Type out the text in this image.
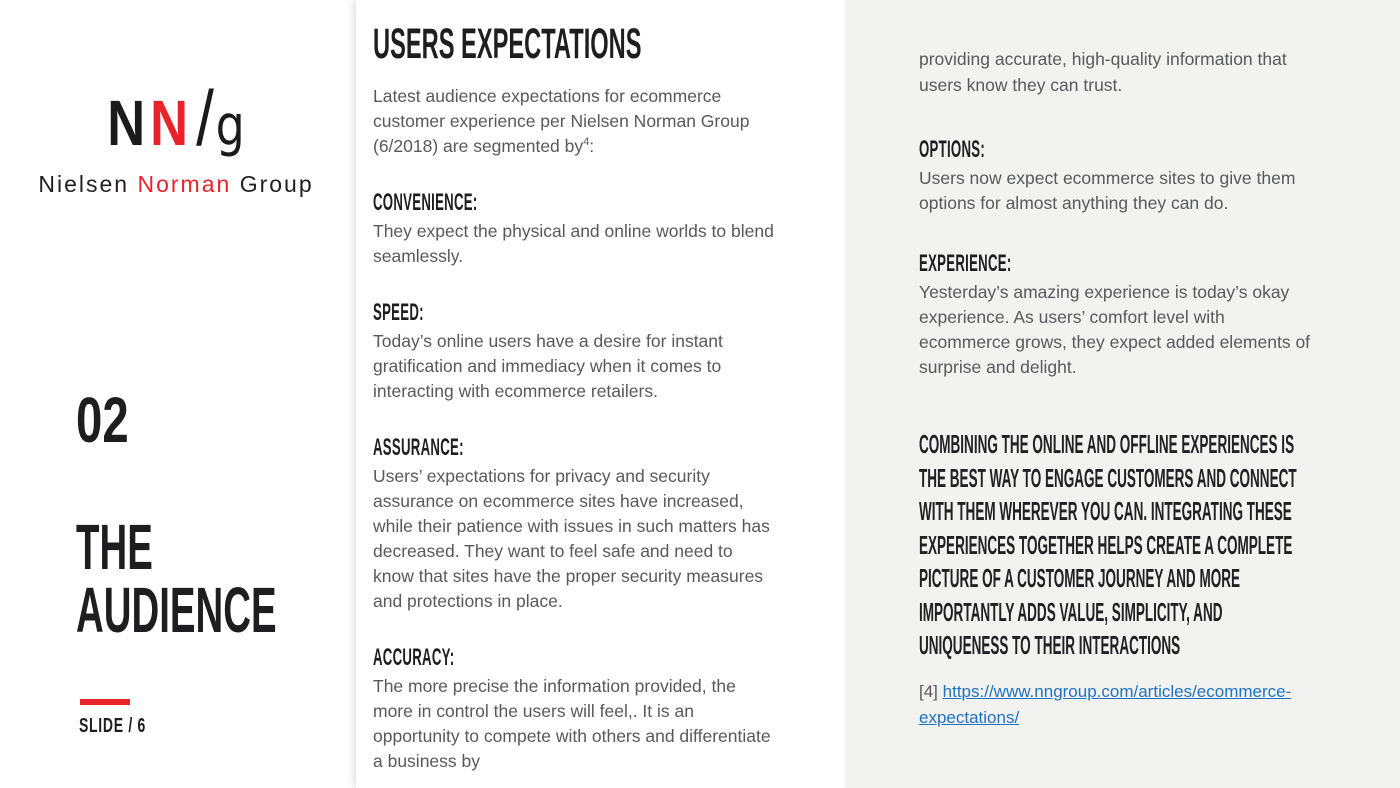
N N / g
Nielsen Norman Group
02
THE
AUDIENCE
SLIDE / 6
USERS EXPECTATIONS

Latest audience expectations for ecommerce customer experience per Nielsen Norman Group (6/2018) are segmented $by^4$:

CONVENIENCE:

They expect the physical and online worlds to blend seamlessly.

SPEED:

Today’s online users have a desire for instant gratification and immediacy when it comes to interacting with ecommerce retailers.

ASSURANCE:

Users’ expectations for privacy and security assurance on ecommerce sites have increased, while their patience with issues in such matters has decreased. They want to feel safe and need to know that sites have the proper security measures and protections in place.

ACCURACY:

The more precise the information provided, the more in control the users will feel,. It is an opportunity to compete with others and differentiate a business by

providing accurate, high-quality information that users know they can trust.

OPTIONS:

Users now expect ecommerce sites to give them options for almost anything they can do.

EXPERIENCE:

Yesterday’s amazing experience is today’s okay experience. As users’ comfort level with ecommerce grows, they expect added elements of surprise and delight.

COMBINING THE ONLINE AND OFFLINE EXPERIENCES IS
THE BEST WAY TO ENGAGE CUSTOMERS AND CONNECT
WITH THEM WHEREVER YOU CAN. INTEGRATING THESE
EXPERIENCES TOGETHER HELPS CREATE A COMPLETE
PICTURE OF A CUSTOMER JOURNEY AND MORE
IMPORTANTLY ADDS VALUE, SIMPLICITY, AND
UNIQUENESS TO THEIR INTERACTIONS

[4] https://www.nngroup.com/articles/ecommerce-
expectations/
